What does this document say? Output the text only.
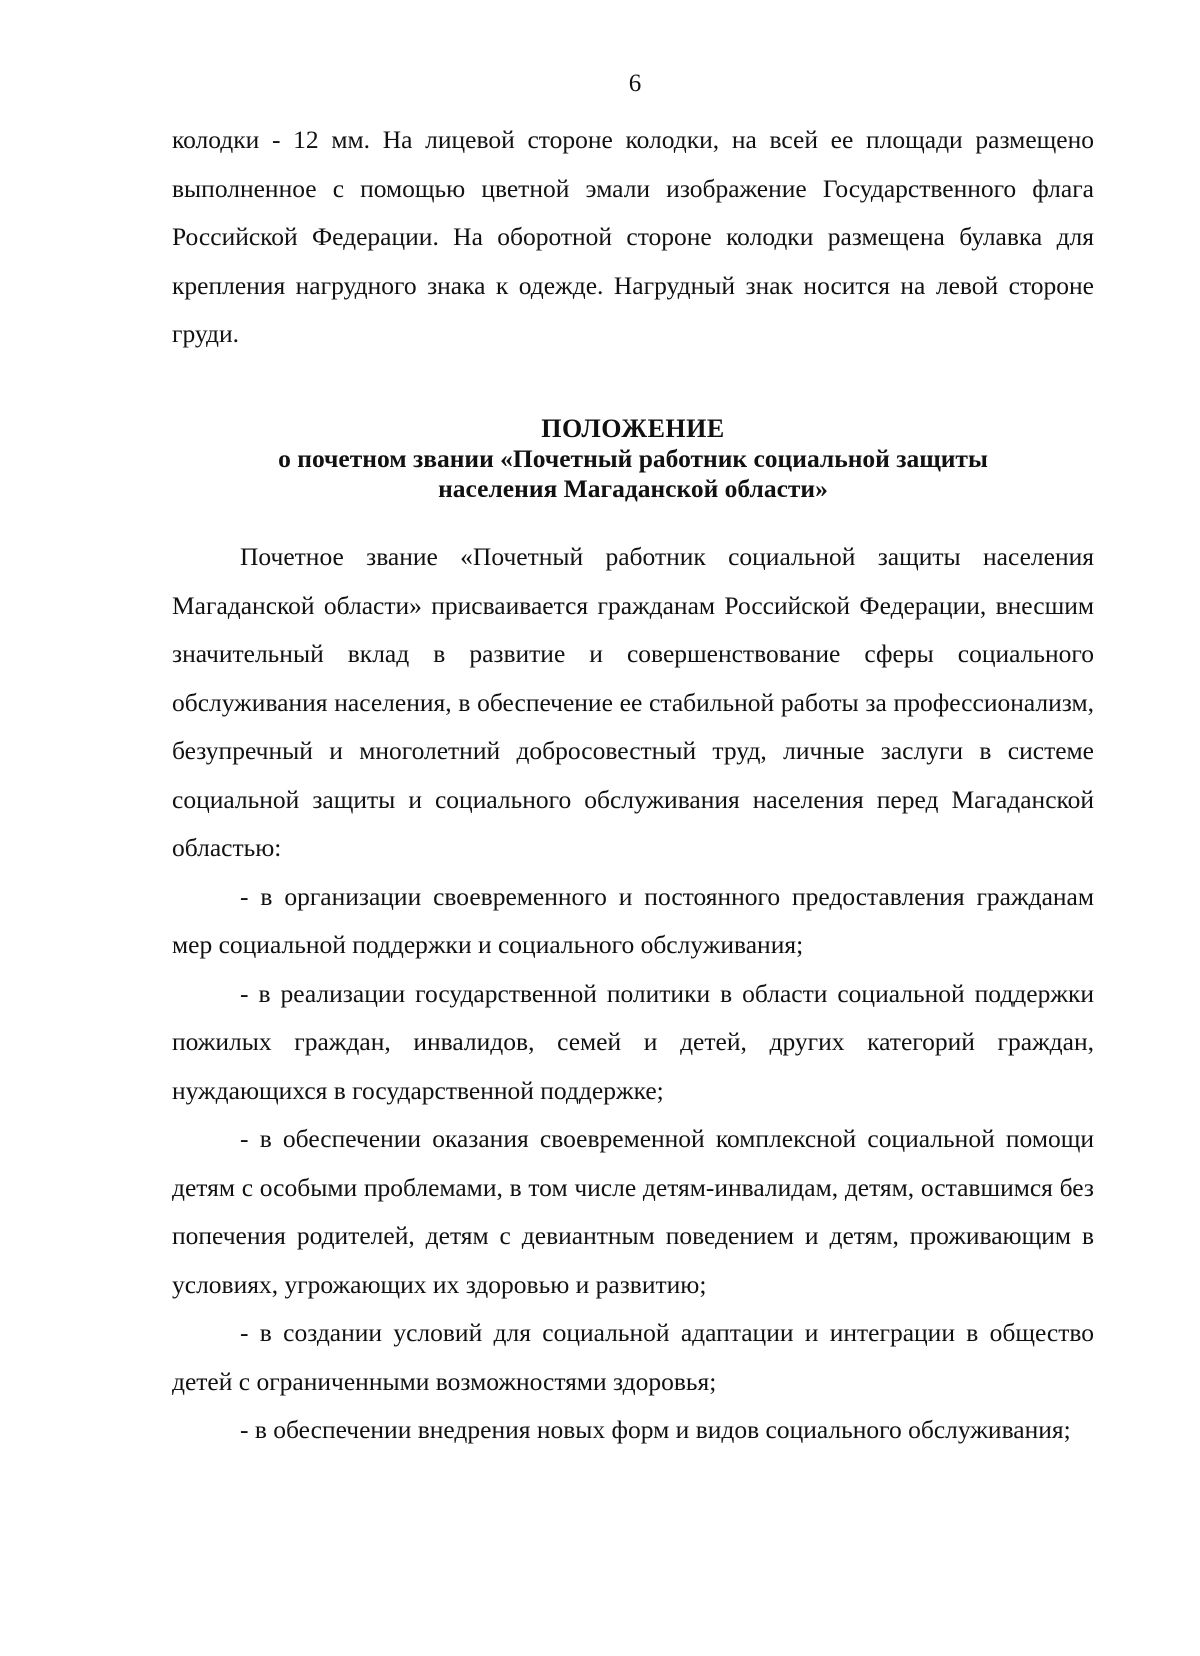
6

колодки - 12 мм. На лицевой стороне колодки, на всей ее площади размещено выполненное с помощью цветной эмали изображение Государственного флага Российской Федерации. На оборотной стороне колодки размещена булавка для крепления нагрудного знака к одежде. Нагрудный знак носится на левой стороне груди.

ПОЛОЖЕНИЕ
о почетном звании «Почетный работник социальной защиты
населения Магаданской области»

Почетное звание «Почетный работник социальной защиты населения Магаданской области» присваивается гражданам Российской Федерации, внесшим значительный вклад в развитие и совершенствование сферы социального обслуживания населения, в обеспечение ее стабильной работы за профессионализм, безупречный и многолетний добросовестный труд, личные заслуги в системе социальной защиты и социального обслуживания населения перед Магаданской областью:

- в организации своевременного и постоянного предоставления гражданам мер социальной поддержки и социального обслуживания;

- в реализации государственной политики в области социальной поддержки пожилых граждан, инвалидов, семей и детей, других категорий граждан, нуждающихся в государственной поддержке;

- в обеспечении оказания своевременной комплексной социальной помощи детям с особыми проблемами, в том числе детям-инвалидам, детям, оставшимся без попечения родителей, детям с девиантным поведением и детям, проживающим в условиях, угрожающих их здоровью и развитию;

- в создании условий для социальной адаптации и интеграции в общество детей с ограниченными возможностями здоровья;

- в обеспечении внедрения новых форм и видов социального обслуживания;
